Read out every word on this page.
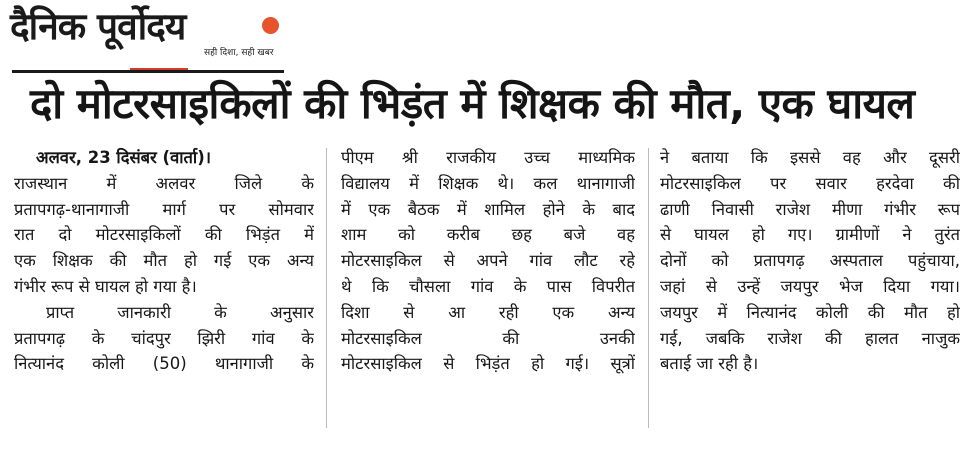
दैनिक पूर्वोदय
सही दिशा, सही खबर
दो मोटरसाइकिलों की भिड़ंत में शिक्षक की मौत, एक घायल
अलवर, 23 दिसंबर (वार्ता)।
राजस्थान में अलवर जिले के
प्रतापगढ़-थानागाजी मार्ग पर सोमवार
रात दो मोटरसाइकिलों की भिड़ंत में
एक शिक्षक की मौत हो गई एक अन्य
गंभीर रूप से घायल हो गया है।
प्राप्त जानकारी के अनुसार
प्रतापगढ़ के चांदपुर झिरी गांव के
नित्यानंद कोली (50) थानागाजी के
पीएम श्री राजकीय उच्च माध्यमिक
विद्यालय में शिक्षक थे। कल थानागाजी
में एक बैठक में शामिल होने के बाद
शाम को करीब छह बजे वह
मोटरसाइकिल से अपने गांव लौट रहे
थे कि चौसला गांव के पास विपरीत
दिशा से आ रही एक अन्य
मोटरसाइकिल की उनकी
मोटरसाइकिल से भिड़ंत हो गई। सूत्रों
ने बताया कि इससे वह और दूसरी
मोटरसाइकिल पर सवार हरदेवा की
ढाणी निवासी राजेश मीणा गंभीर रूप
से घायल हो गए। ग्रामीणों ने तुरंत
दोनों को प्रतापगढ़ अस्पताल पहुंचाया,
जहां से उन्हें जयपुर भेज दिया गया।
जयपुर में नित्यानंद कोली की मौत हो
गई, जबकि राजेश की हालत नाजुक
बताई जा रही है।
